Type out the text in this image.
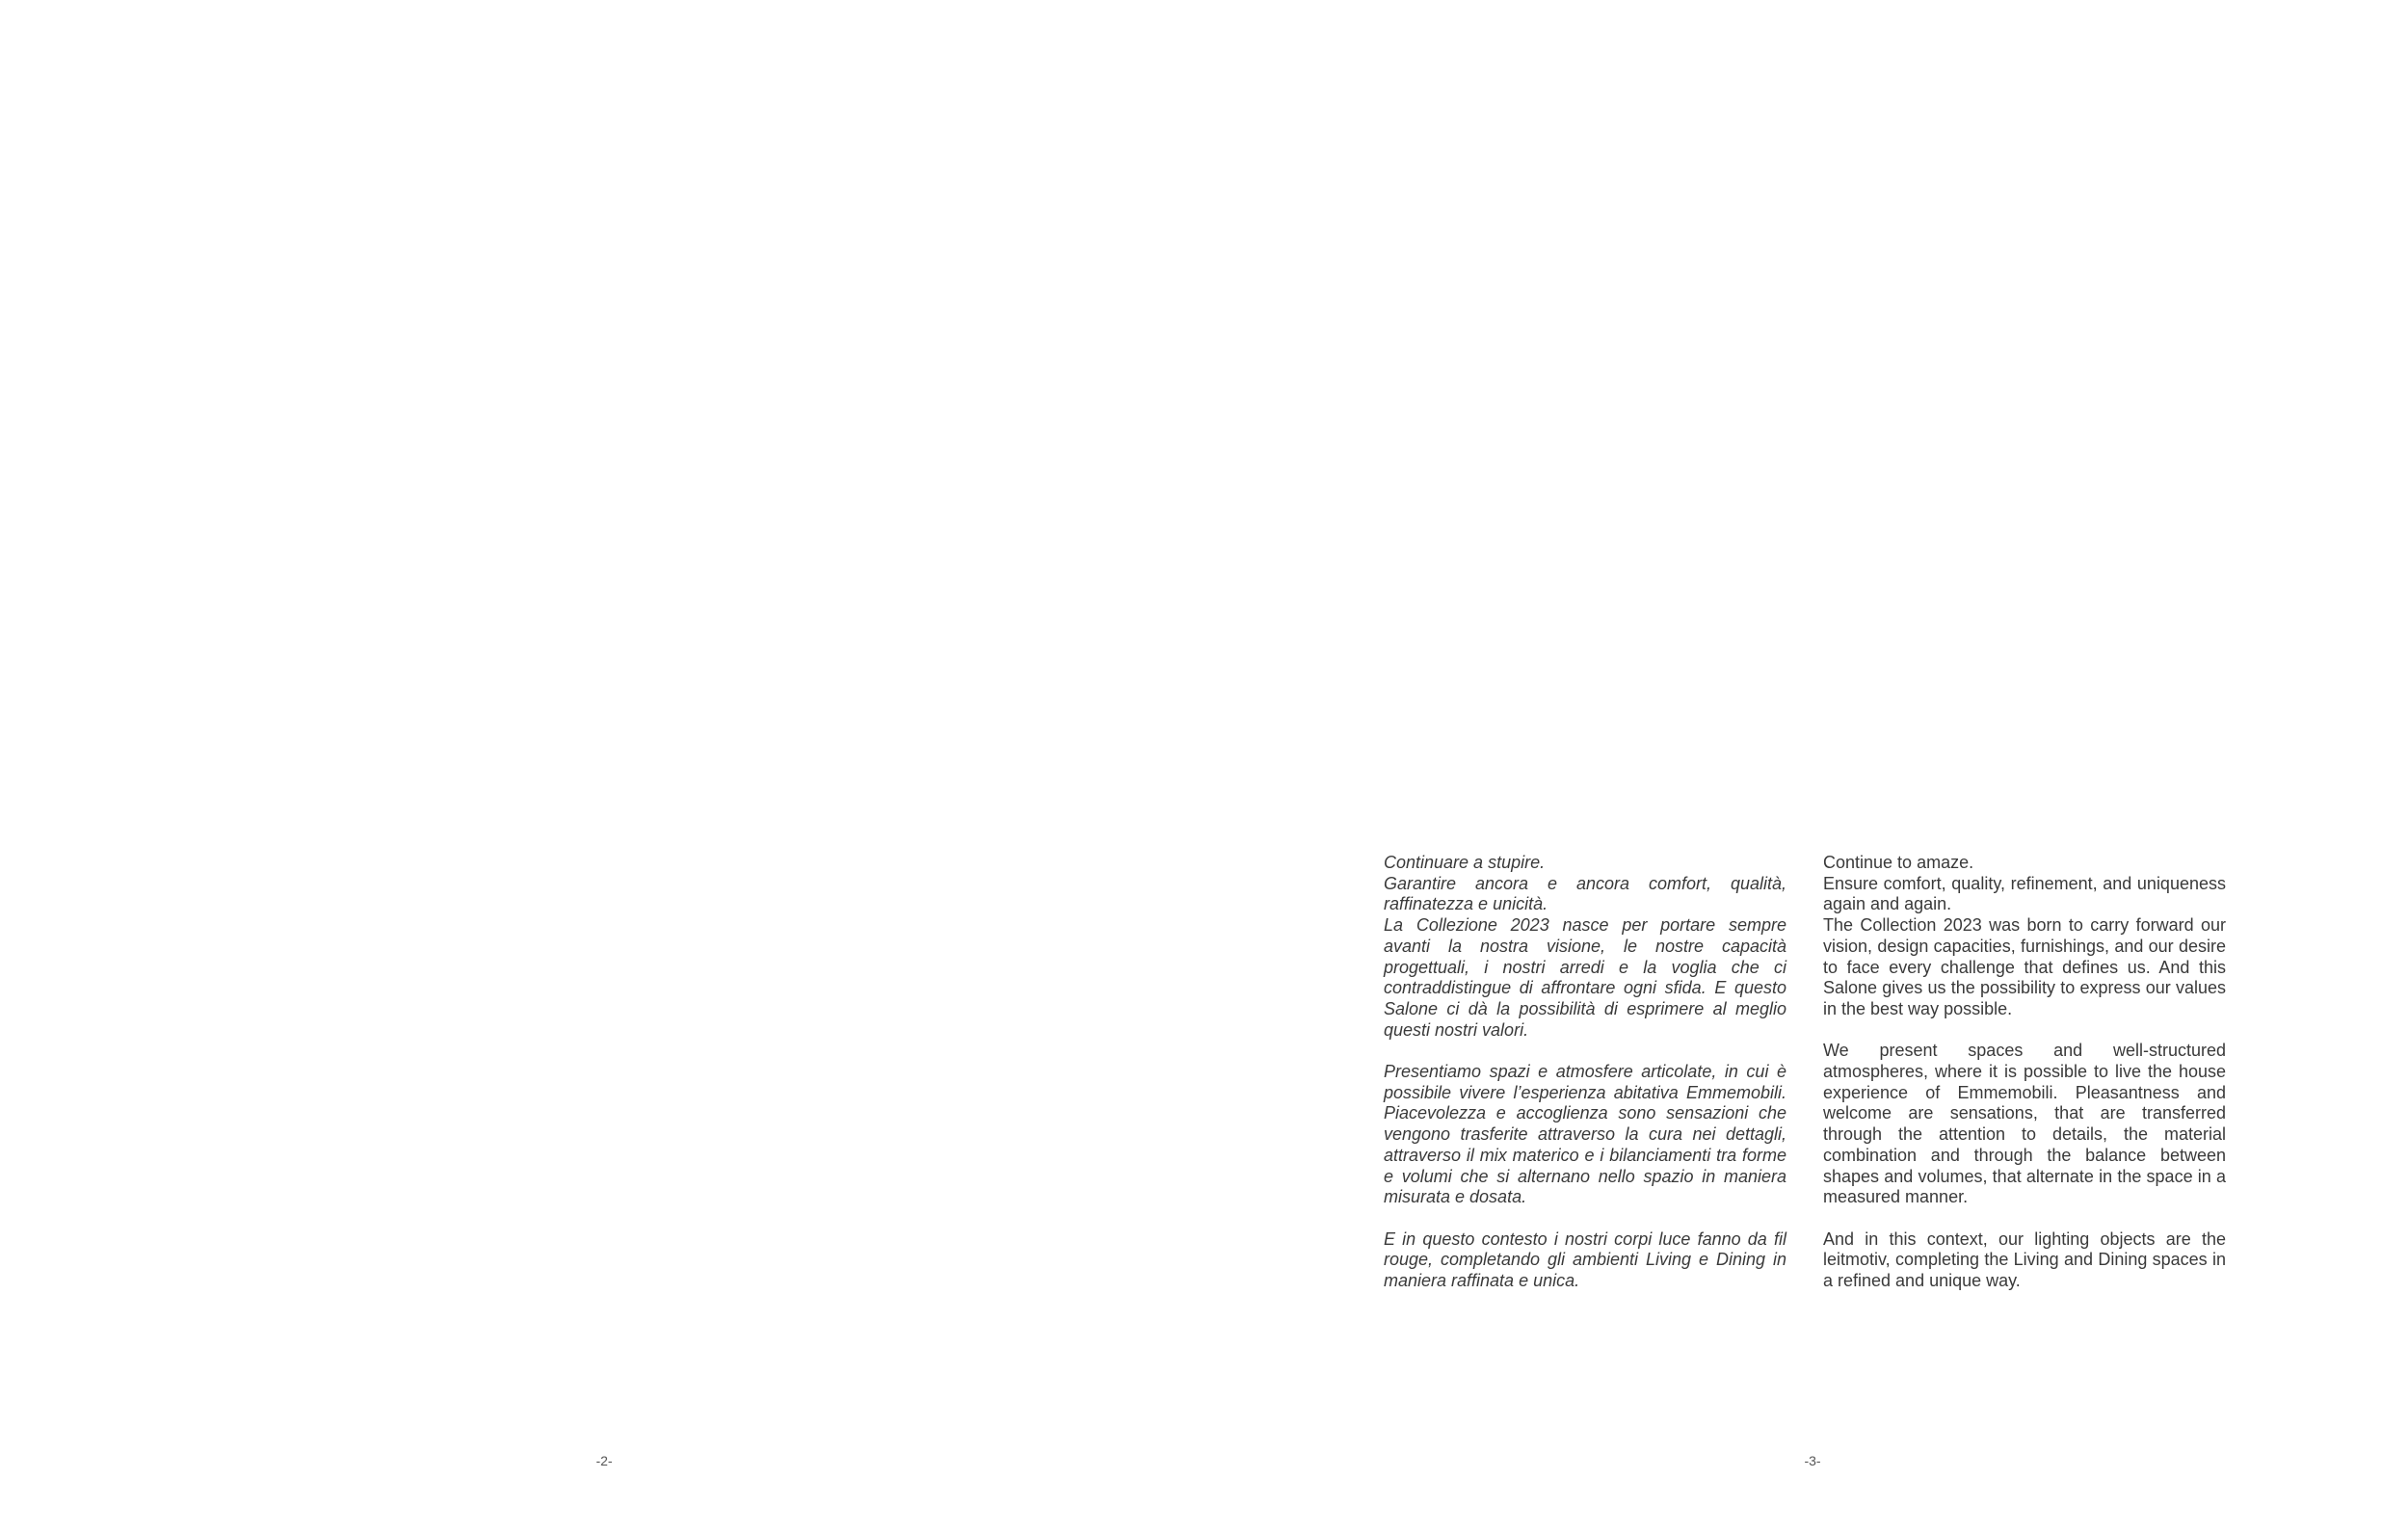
Continuare a stupire.
Garantire ancora e ancora comfort, qualità, raffinatezza e unicità.
La Collezione 2023 nasce per portare sempre avanti la nostra visione, le nostre capacità progettuali, i nostri arredi e la voglia che ci contraddistingue di affrontare ogni sfida. E questo Salone ci dà la possibilità di esprimere al meglio questi nostri valori.

Presentiamo spazi e atmosfere articolate, in cui è possibile vivere l’esperienza abitativa Emmemobili. Piacevolezza e accoglienza sono sensazioni che vengono trasferite attraverso la cura nei dettagli, attraverso il mix materico e i bilanciamenti tra forme e volumi che si alternano nello spazio in maniera misurata e dosata.

E in questo contesto i nostri corpi luce fanno da fil rouge, completando gli ambienti Living e Dining in maniera raffinata e unica.

Continue to amaze.
Ensure comfort, quality, refinement, and uniqueness again and again.
The Collection 2023 was born to carry forward our vision, design capacities, furnishings, and our desire to face every challenge that defines us. And this Salone gives us the possibility to express our values in the best way possible.

We present spaces and well-structured atmospheres, where it is possible to live the house experience of Emmemobili. Pleasantness and welcome are sensations, that are transferred through the attention to details, the material combination and through the balance between shapes and volumes, that alternate in the space in a measured manner.

And in this context, our lighting objects are the leitmotiv, completing the Living and Dining spaces in a refined and unique way.

-2-	-3-
